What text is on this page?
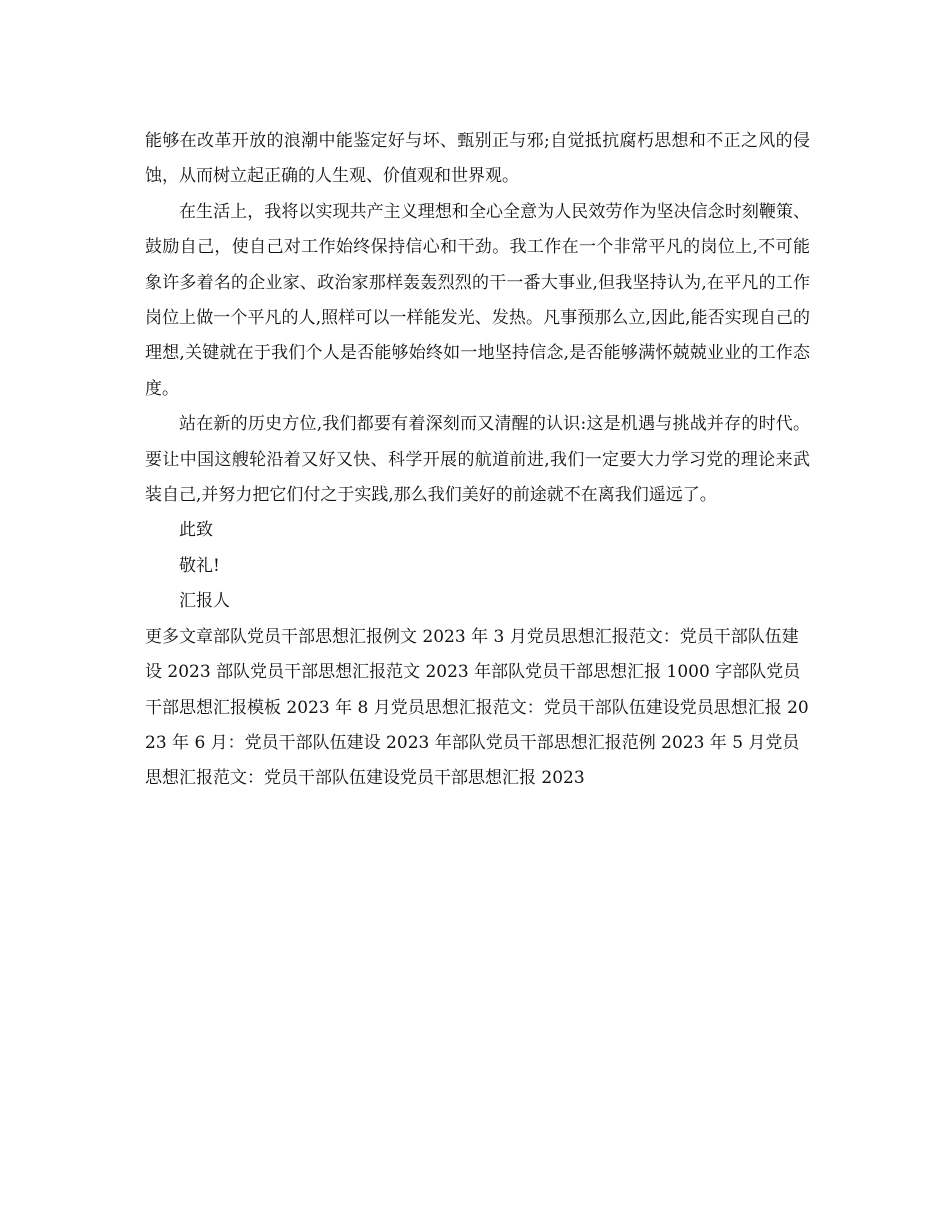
能够在改革开放的浪潮中能鉴定好与坏、甄别正与邪;自觉抵抗腐朽思想和不正之风的侵蚀，从而树立起正确的人生观、价值观和世界观。

在生活上，我将以实现共产主义理想和全心全意为人民效劳作为坚决信念时刻鞭策、鼓励自己，使自己对工作始终保持信心和干劲。我工作在一个非常平凡的岗位上,不可能象许多着名的企业家、政治家那样轰轰烈烈的干一番大事业,但我坚持认为,在平凡的工作岗位上做一个平凡的人,照样可以一样能发光、发热。凡事预那么立,因此,能否实现自己的理想,关键就在于我们个人是否能够始终如一地坚持信念,是否能够满怀兢兢业业的工作态度。

站在新的历史方位,我们都要有着深刻而又清醒的认识:这是机遇与挑战并存的时代。要让中国这艘轮沿着又好又快、科学开展的航道前进,我们一定要大力学习党的理论来武装自己,并努力把它们付之于实践,那么我们美好的前途就不在离我们遥远了。

此致

敬礼!

汇报人

更多文章部队党员干部思想汇报例文 2023 年 3 月党员思想汇报范文：党员干部队伍建设 2023 部队党员干部思想汇报范文 2023 年部队党员干部思想汇报 1000 字部队党员干部思想汇报模板 2023 年 8 月党员思想汇报范文：党员干部队伍建设党员思想汇报 2023 年 6 月：党员干部队伍建设 2023 年部队党员干部思想汇报范例 2023 年 5 月党员思想汇报范文：党员干部队伍建设党员干部思想汇报 2023
